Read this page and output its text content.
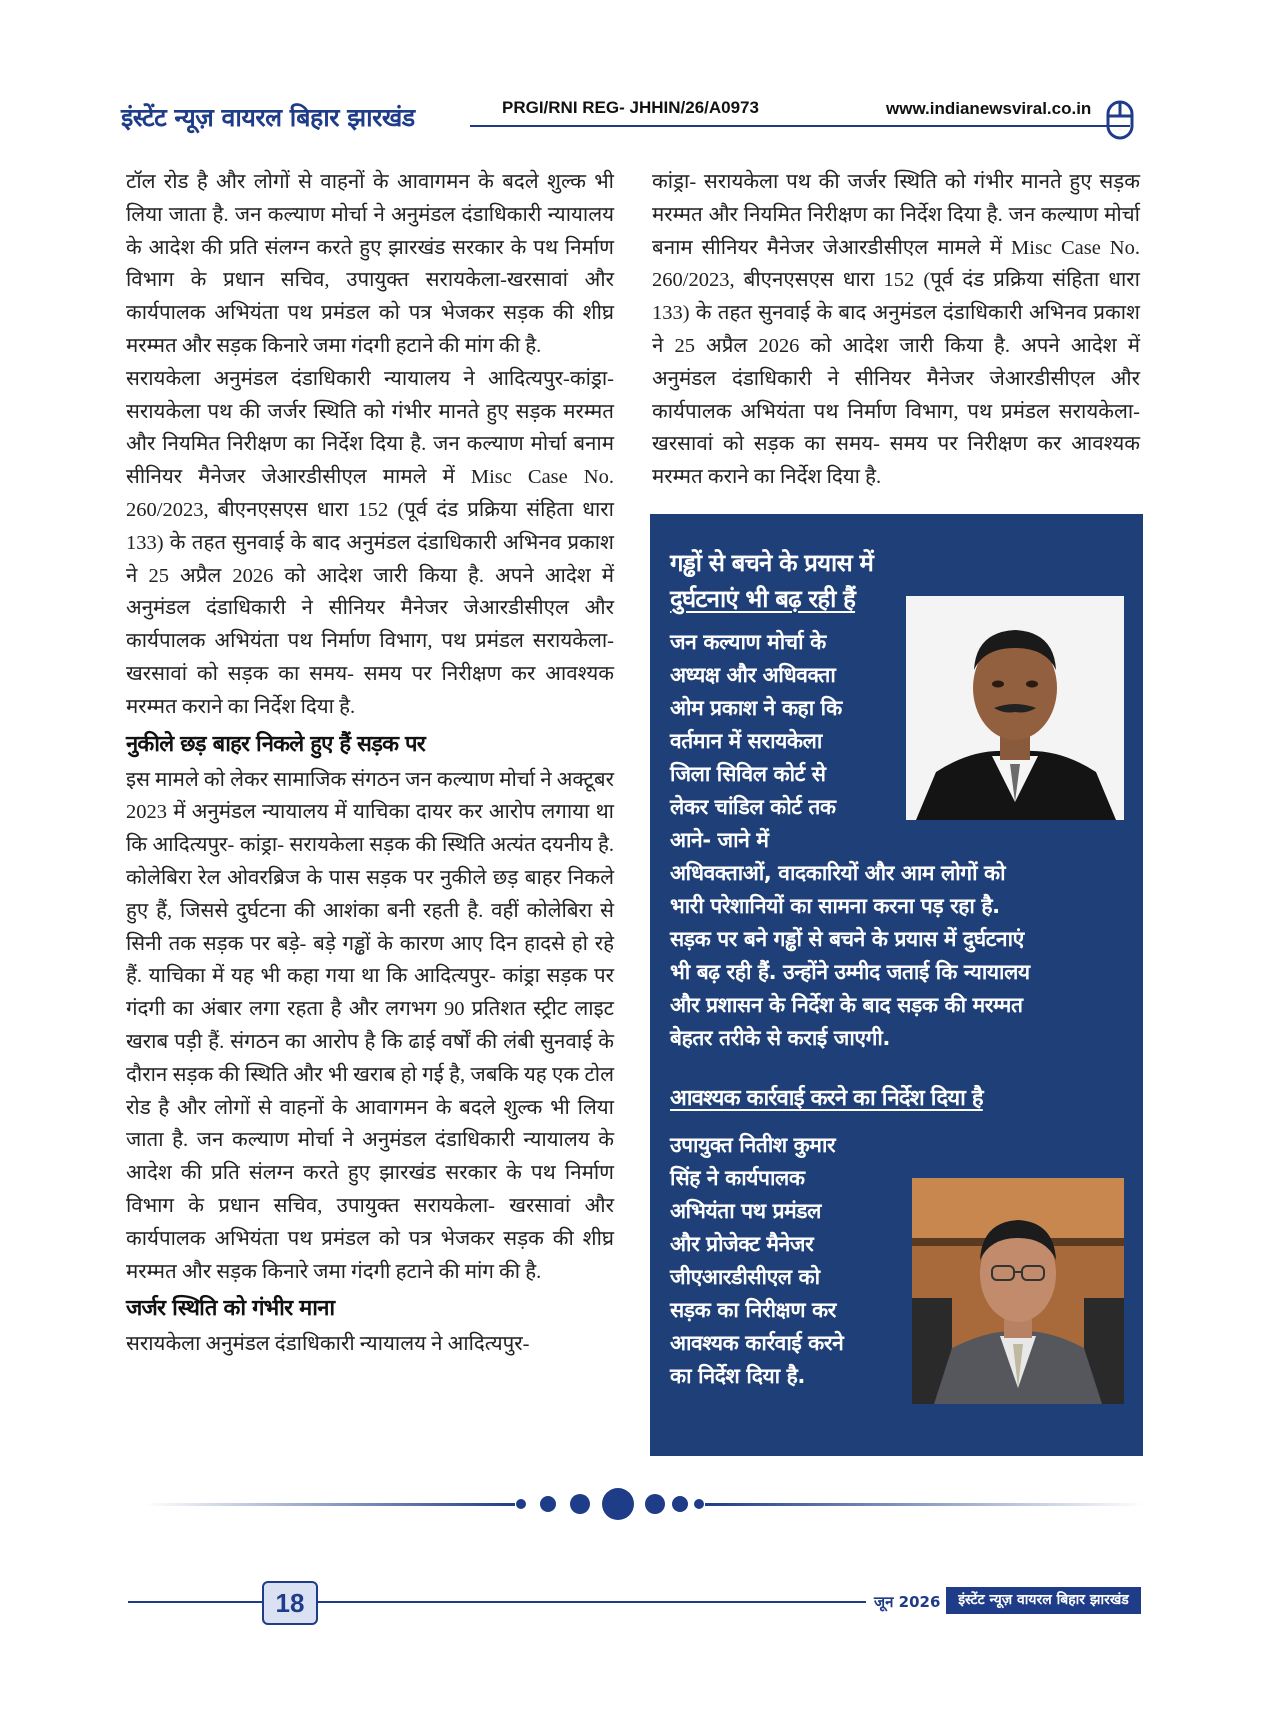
इंस्टेंट न्यूज़ वायरल बिहार झारखंड	PRGI/RNI REG- JHHIN/26/A0973	www.indianewsviral.co.in

टॉल रोड है और लोगों से वाहनों के आवागमन के बदले शुल्क भी लिया जाता है. जन कल्याण मोर्चा ने अनुमंडल दंडाधिकारी न्यायालय के आदेश की प्रति संलग्न करते हुए झारखंड सरकार के पथ निर्माण विभाग के प्रधान सचिव, उपायुक्त सरायकेला-खरसावां और कार्यपालक अभियंता पथ प्रमंडल को पत्र भेजकर सड़क की शीघ्र मरम्मत और सड़क किनारे जमा गंदगी हटाने की मांग की है.

सरायकेला अनुमंडल दंडाधिकारी न्यायालय ने आदित्यपुर-कांड्रा- सरायकेला पथ की जर्जर स्थिति को गंभीर मानते हुए सड़क मरम्मत और नियमित निरीक्षण का निर्देश दिया है. जन कल्याण मोर्चा बनाम सीनियर मैनेजर जेआरडीसीएल मामले में Misc Case No. 260/2023, बीएनएसएस धारा 152 (पूर्व दंड प्रक्रिया संहिता धारा 133) के तहत सुनवाई के बाद अनुमंडल दंडाधिकारी अभिनव प्रकाश ने 25 अप्रैल 2026 को आदेश जारी किया है. अपने आदेश में अनुमंडल दंडाधिकारी ने सीनियर मैनेजर जेआरडीसीएल और कार्यपालक अभियंता पथ निर्माण विभाग, पथ प्रमंडल सरायकेला- खरसावां को सड़क का समय- समय पर निरीक्षण कर आवश्यक मरम्मत कराने का निर्देश दिया है.

नुकीले छड़ बाहर निकले हुए हैं सड़क पर

इस मामले को लेकर सामाजिक संगठन जन कल्याण मोर्चा ने अक्टूबर 2023 में अनुमंडल न्यायालय में याचिका दायर कर आरोप लगाया था कि आदित्यपुर- कांड्रा- सरायकेला सड़क की स्थिति अत्यंत दयनीय है. कोलेबिरा रेल ओवरब्रिज के पास सड़क पर नुकीले छड़ बाहर निकले हुए हैं, जिससे दुर्घटना की आशंका बनी रहती है. वहीं कोलेबिरा से सिनी तक सड़क पर बड़े- बड़े गड्ढों के कारण आए दिन हादसे हो रहे हैं. याचिका में यह भी कहा गया था कि आदित्यपुर- कांड्रा सड़क पर गंदगी का अंबार लगा रहता है और लगभग 90 प्रतिशत स्ट्रीट लाइट खराब पड़ी हैं. संगठन का आरोप है कि ढाई वर्षों की लंबी सुनवाई के दौरान सड़क की स्थिति और भी खराब हो गई है, जबकि यह एक टोल रोड है और लोगों से वाहनों के आवागमन के बदले शुल्क भी लिया जाता है. जन कल्याण मोर्चा ने अनुमंडल दंडाधिकारी न्यायालय के आदेश की प्रति संलग्न करते हुए झारखंड सरकार के पथ निर्माण विभाग के प्रधान सचिव, उपायुक्त सरायकेला- खरसावां और कार्यपालक अभियंता पथ प्रमंडल को पत्र भेजकर सड़क की शीघ्र मरम्मत और सड़क किनारे जमा गंदगी हटाने की मांग की है.

जर्जर स्थिति को गंभीर माना

सरायकेला अनुमंडल दंडाधिकारी न्यायालय ने आदित्यपुर-

कांड्रा- सरायकेला पथ की जर्जर स्थिति को गंभीर मानते हुए सड़क मरम्मत और नियमित निरीक्षण का निर्देश दिया है. जन कल्याण मोर्चा बनाम सीनियर मैनेजर जेआरडीसीएल मामले में Misc Case No. 260/2023, बीएनएसएस धारा 152 (पूर्व दंड प्रक्रिया संहिता धारा 133) के तहत सुनवाई के बाद अनुमंडल दंडाधिकारी अभिनव प्रकाश ने 25 अप्रैल 2026 को आदेश जारी किया है. अपने आदेश में अनुमंडल दंडाधिकारी ने सीनियर मैनेजर जेआरडीसीएल और कार्यपालक अभियंता पथ निर्माण विभाग, पथ प्रमंडल सरायकेला- खरसावां को सड़क का समय- समय पर निरीक्षण कर आवश्यक मरम्मत कराने का निर्देश दिया है.

गड्ढों से बचने के प्रयास में
दुर्घटनाएं भी बढ़ रही हैं
जन कल्याण मोर्चा के
अध्यक्ष और अधिवक्ता
ओम प्रकाश ने कहा कि
वर्तमान में सरायकेला
जिला सिविल कोर्ट से
लेकर चांडिल कोर्ट तक
आने- जाने में
अधिवक्ताओं, वादकारियों और आम लोगों को
भारी परेशानियों का सामना करना पड़ रहा है.
सड़क पर बने गड्ढों से बचने के प्रयास में दुर्घटनाएं
भी बढ़ रही हैं. उन्होंने उम्मीद जताई कि न्यायालय
और प्रशासन के निर्देश के बाद सड़क की मरम्मत
बेहतर तरीके से कराई जाएगी.
आवश्यक कार्रवाई करने का निर्देश दिया है
उपायुक्त नितीश कुमार
सिंह ने कार्यपालक
अभियंता पथ प्रमंडल
और प्रोजेक्ट मैनेजर
जीएआरडीसीएल को
सड़क का निरीक्षण कर
आवश्यक कार्रवाई करने
का निर्देश दिया है.
18	जून 2026	इंस्टेंट न्यूज़ वायरल बिहार झारखंड
